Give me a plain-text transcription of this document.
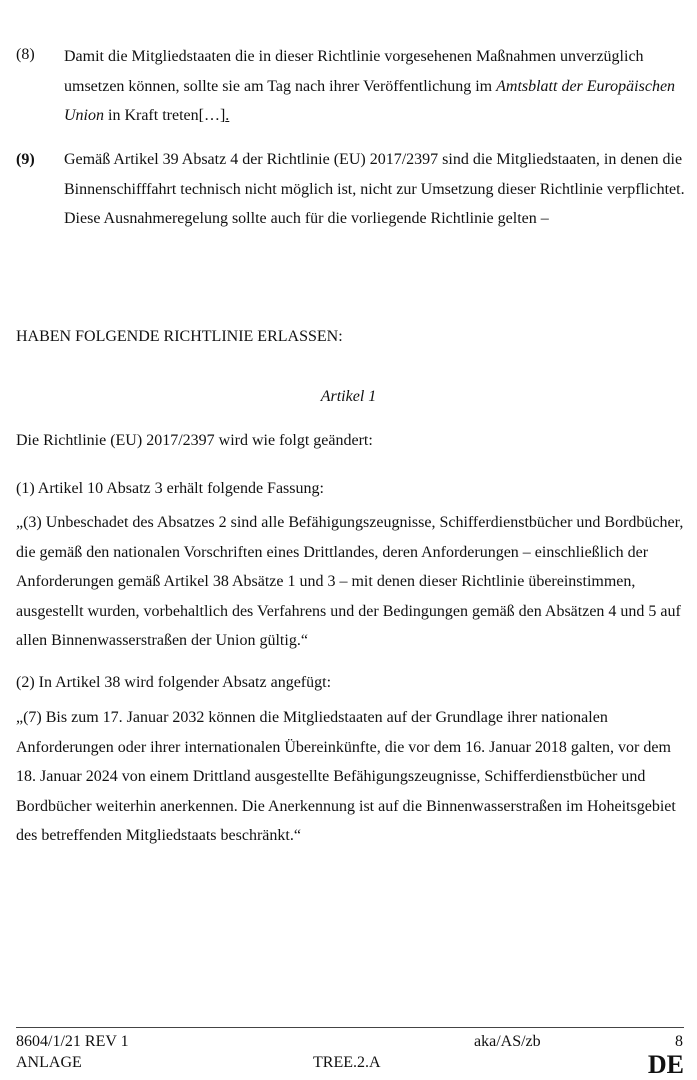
(8) Damit die Mitgliedstaaten die in dieser Richtlinie vorgesehenen Maßnahmen unverzüglich umsetzen können, sollte sie am Tag nach ihrer Veröffentlichung im Amtsblatt der Europäischen Union in Kraft treten[…].
(9) Gemäß Artikel 39 Absatz 4 der Richtlinie (EU) 2017/2397 sind die Mitgliedstaaten, in denen die Binnenschifffahrt technisch nicht möglich ist, nicht zur Umsetzung dieser Richtlinie verpflichtet. Diese Ausnahmeregelung sollte auch für die vorliegende Richtlinie gelten –
HABEN FOLGENDE RICHTLINIE ERLASSEN:
Artikel 1
Die Richtlinie (EU) 2017/2397 wird wie folgt geändert:
(1) Artikel 10 Absatz 3 erhält folgende Fassung:
„(3) Unbeschadet des Absatzes 2 sind alle Befähigungszeugnisse, Schifferdienstbücher und Bordbücher, die gemäß den nationalen Vorschriften eines Drittlandes, deren Anforderungen – einschließlich der Anforderungen gemäß Artikel 38 Absätze 1 und 3 – mit denen dieser Richtlinie übereinstimmen, ausgestellt wurden, vorbehaltlich des Verfahrens und der Bedingungen gemäß den Absätzen 4 und 5 auf allen Binnenwasserstraßen der Union gültig.“
(2) In Artikel 38 wird folgender Absatz angefügt:
„(7) Bis zum 17. Januar 2032 können die Mitgliedstaaten auf der Grundlage ihrer nationalen Anforderungen oder ihrer internationalen Übereinkünfte, die vor dem 16. Januar 2018 galten, vor dem 18. Januar 2024 von einem Drittland ausgestellte Befähigungszeugnisse, Schifferdienstbücher und Bordbücher weiterhin anerkennen. Die Anerkennung ist auf die Binnenwasserstraßen im Hoheitsgebiet des betreffenden Mitgliedstaats beschränkt.“
8604/1/21 REV 1	aka/AS/zb	8
ANLAGE	TREE.2.A	DE
